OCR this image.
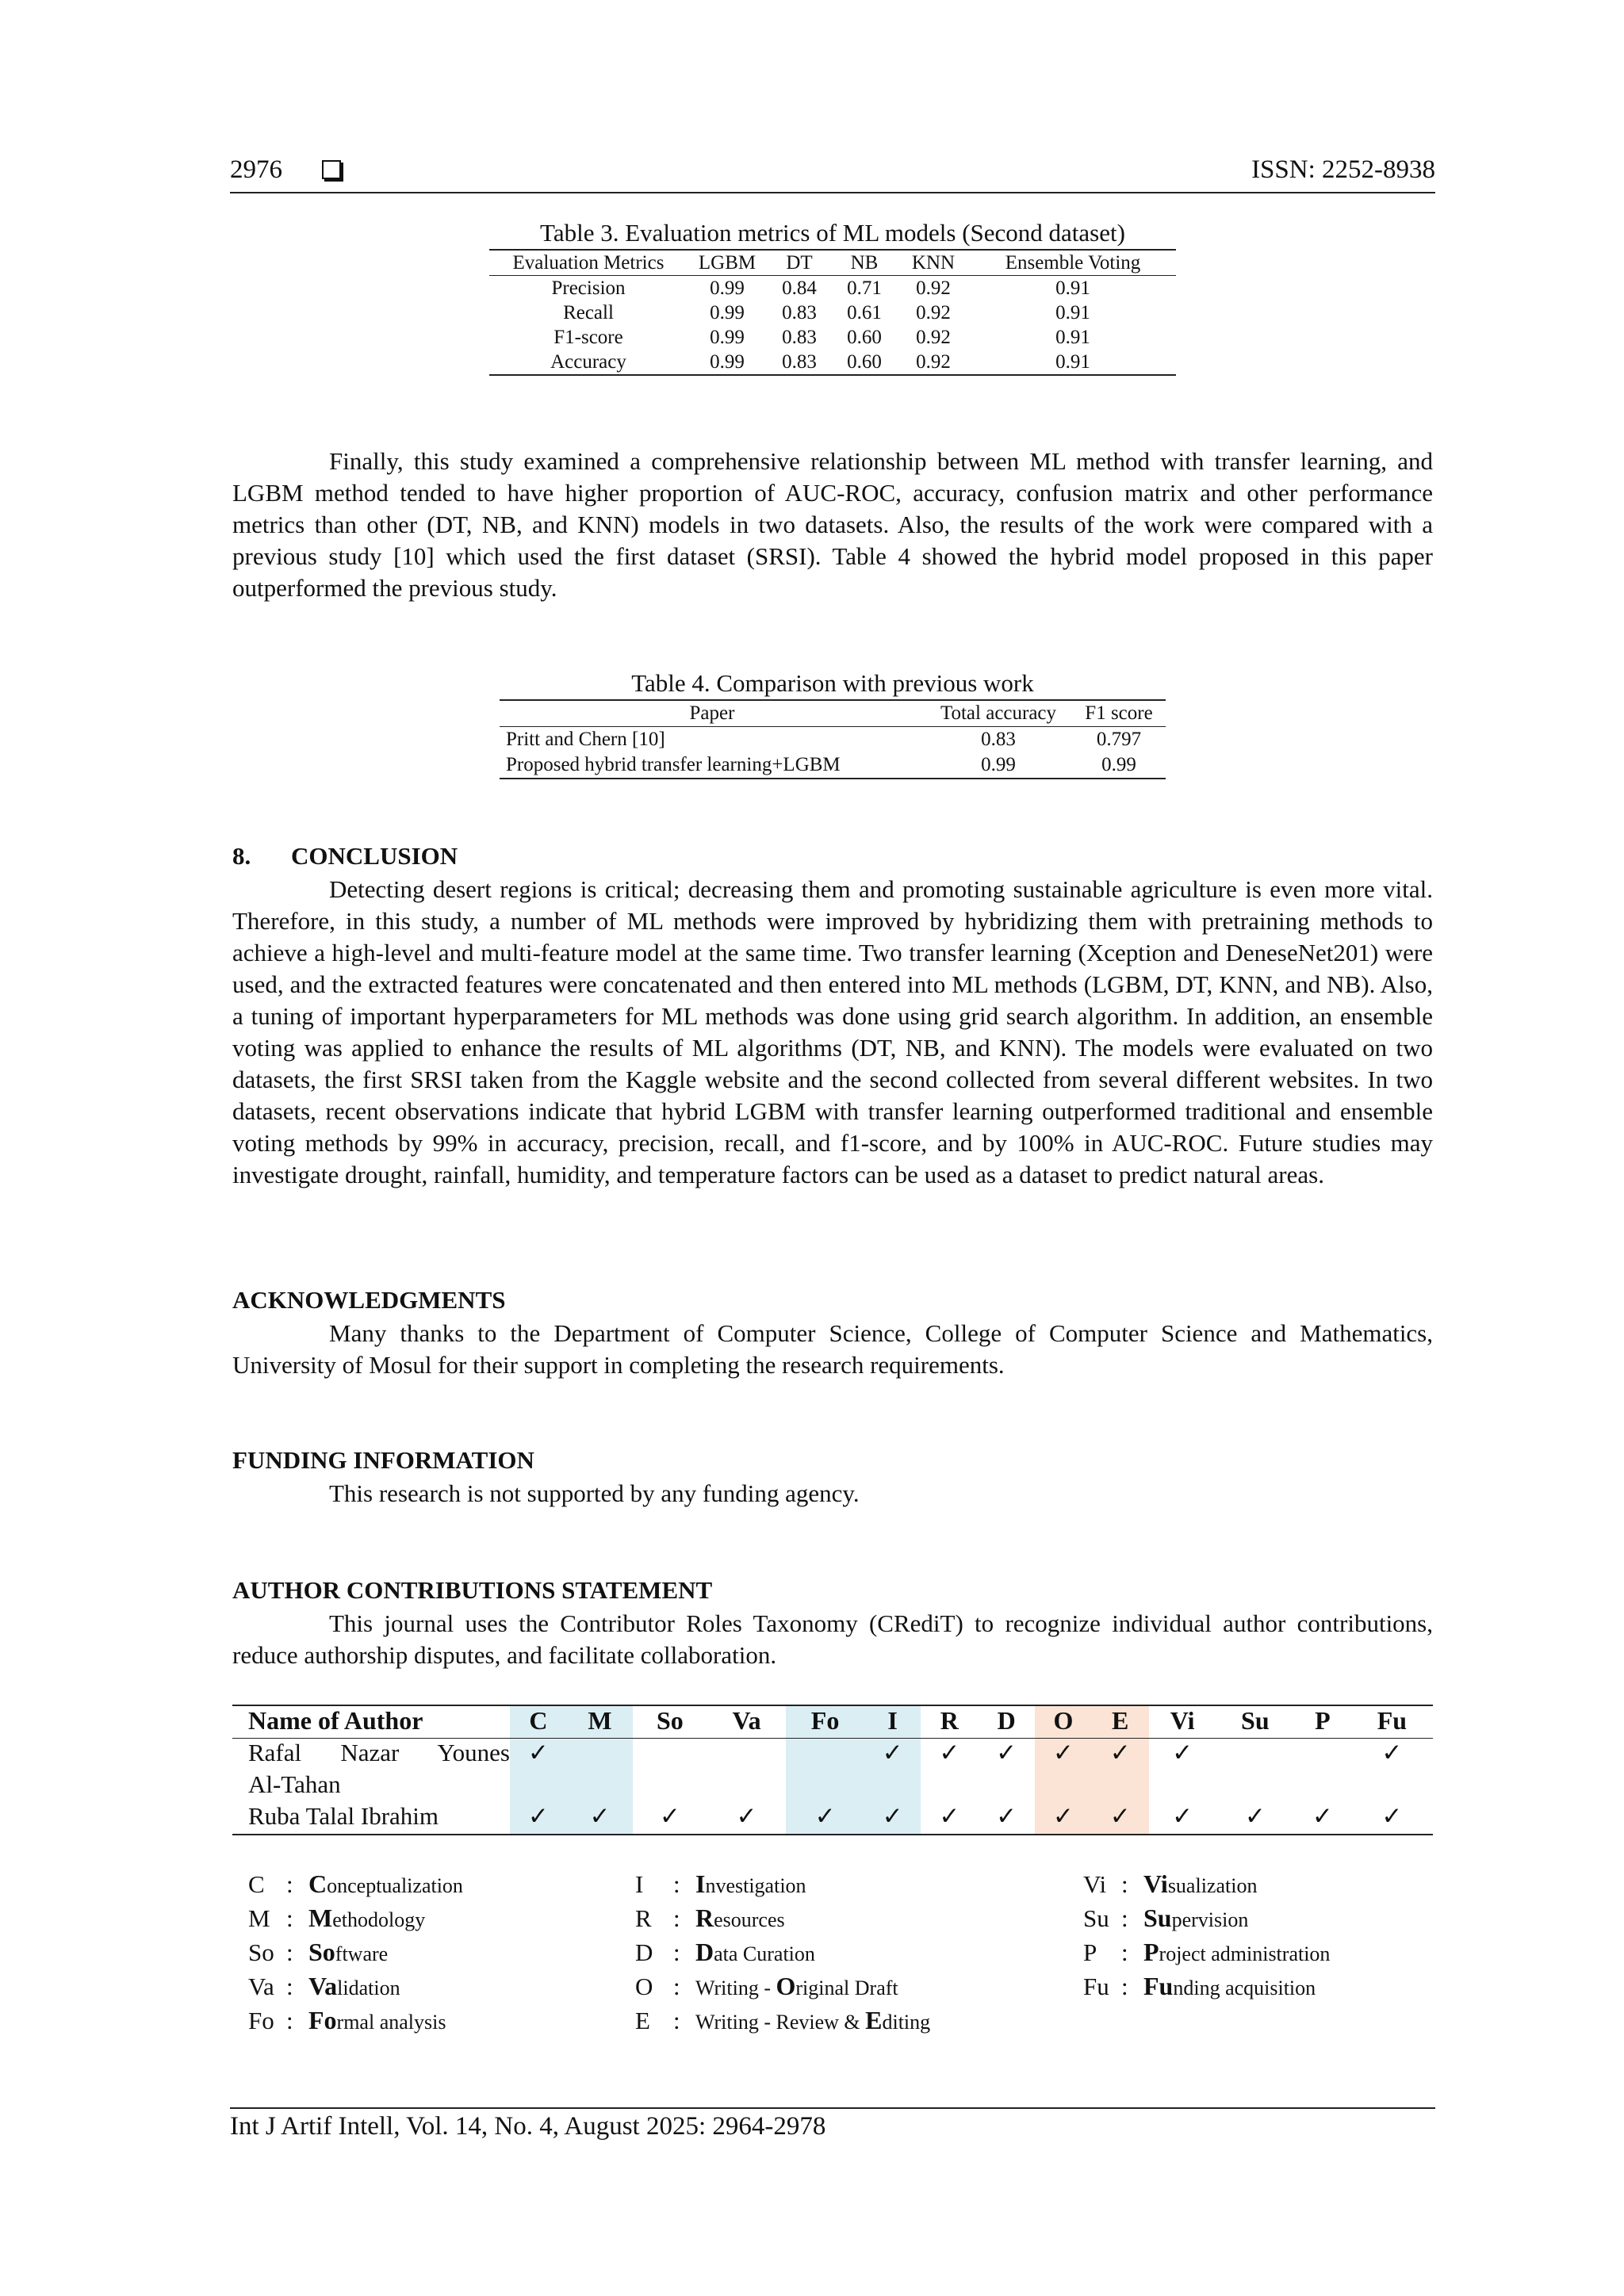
2976	ISSN: 2252-8938
Table 3. Evaluation metrics of ML models (Second dataset)
Evaluation Metrics	LGBM	DT	NB	KNN	Ensemble Voting
Precision	0.99	0.84	0.71	0.92	0.91
Recall	0.99	0.83	0.61	0.92	0.91
F1-score	0.99	0.83	0.60	0.92	0.91
Accuracy	0.99	0.83	0.60	0.92	0.91

Finally, this study examined a comprehensive relationship between ML method with transfer learning, and LGBM method tended to have higher proportion of AUC-ROC, accuracy, confusion matrix and other performance metrics than other (DT, NB, and KNN) models in two datasets. Also, the results of the work were compared with a previous study [10] which used the first dataset (SRSI). Table 4 showed the hybrid model proposed in this paper outperformed the previous study.

Table 4. Comparison with previous work
Paper	Total accuracy	F1 score
Pritt and Chern [10]	0.83	0.797
Proposed hybrid transfer learning+LGBM	0.99	0.99
8. CONCLUSION

Detecting desert regions is critical; decreasing them and promoting sustainable agriculture is even more vital. Therefore, in this study, a number of ML methods were improved by hybridizing them with pretraining methods to achieve a high-level and multi-feature model at the same time. Two transfer learning (Xception and DeneseNet201) were used, and the extracted features were concatenated and then entered into ML methods (LGBM, DT, KNN, and NB). Also, a tuning of important hyperparameters for ML methods was done using grid search algorithm. In addition, an ensemble voting was applied to enhance the results of ML algorithms (DT, NB, and KNN). The models were evaluated on two datasets, the first SRSI taken from the Kaggle website and the second collected from several different websites. In two datasets, recent observations indicate that hybrid LGBM with transfer learning outperformed traditional and ensemble voting methods by 99% in accuracy, precision, recall, and f1-score, and by 100% in AUC-ROC. Future studies may investigate drought, rainfall, humidity, and temperature factors can be used as a dataset to predict natural areas.

ACKNOWLEDGMENTS

Many thanks to the Department of Computer Science, College of Computer Science and Mathematics, University of Mosul for their support in completing the research requirements.

FUNDING INFORMATION

This research is not supported by any funding agency.

AUTHOR CONTRIBUTIONS STATEMENT

This journal uses the Contributor Roles Taxonomy (CRediT) to recognize individual author contributions, reduce authorship disputes, and facilitate collaboration.

Name of Author	C	M	So	Va	Fo	I	R	D	O	E	Vi	Su	P	Fu
Rafal Nazar Younes	✓					✓	✓	✓	✓	✓	✓			✓
Al-Tahan														
Ruba Talal Ibrahim	✓	✓	✓	✓	✓	✓	✓	✓	✓	✓	✓	✓	✓	✓
C : Conceptualization
M : Methodology
So : Software
Va : Validation
Fo : Formal analysis
I : Investigation
R : Resources
D : Data Curation
O : Writing - Original Draft
E : Writing - Review & Editing
Vi : Visualization
Su : Supervision
P : Project administration
Fu : Funding acquisition
Int J Artif Intell, Vol. 14, No. 4, August 2025: 2964-2978
